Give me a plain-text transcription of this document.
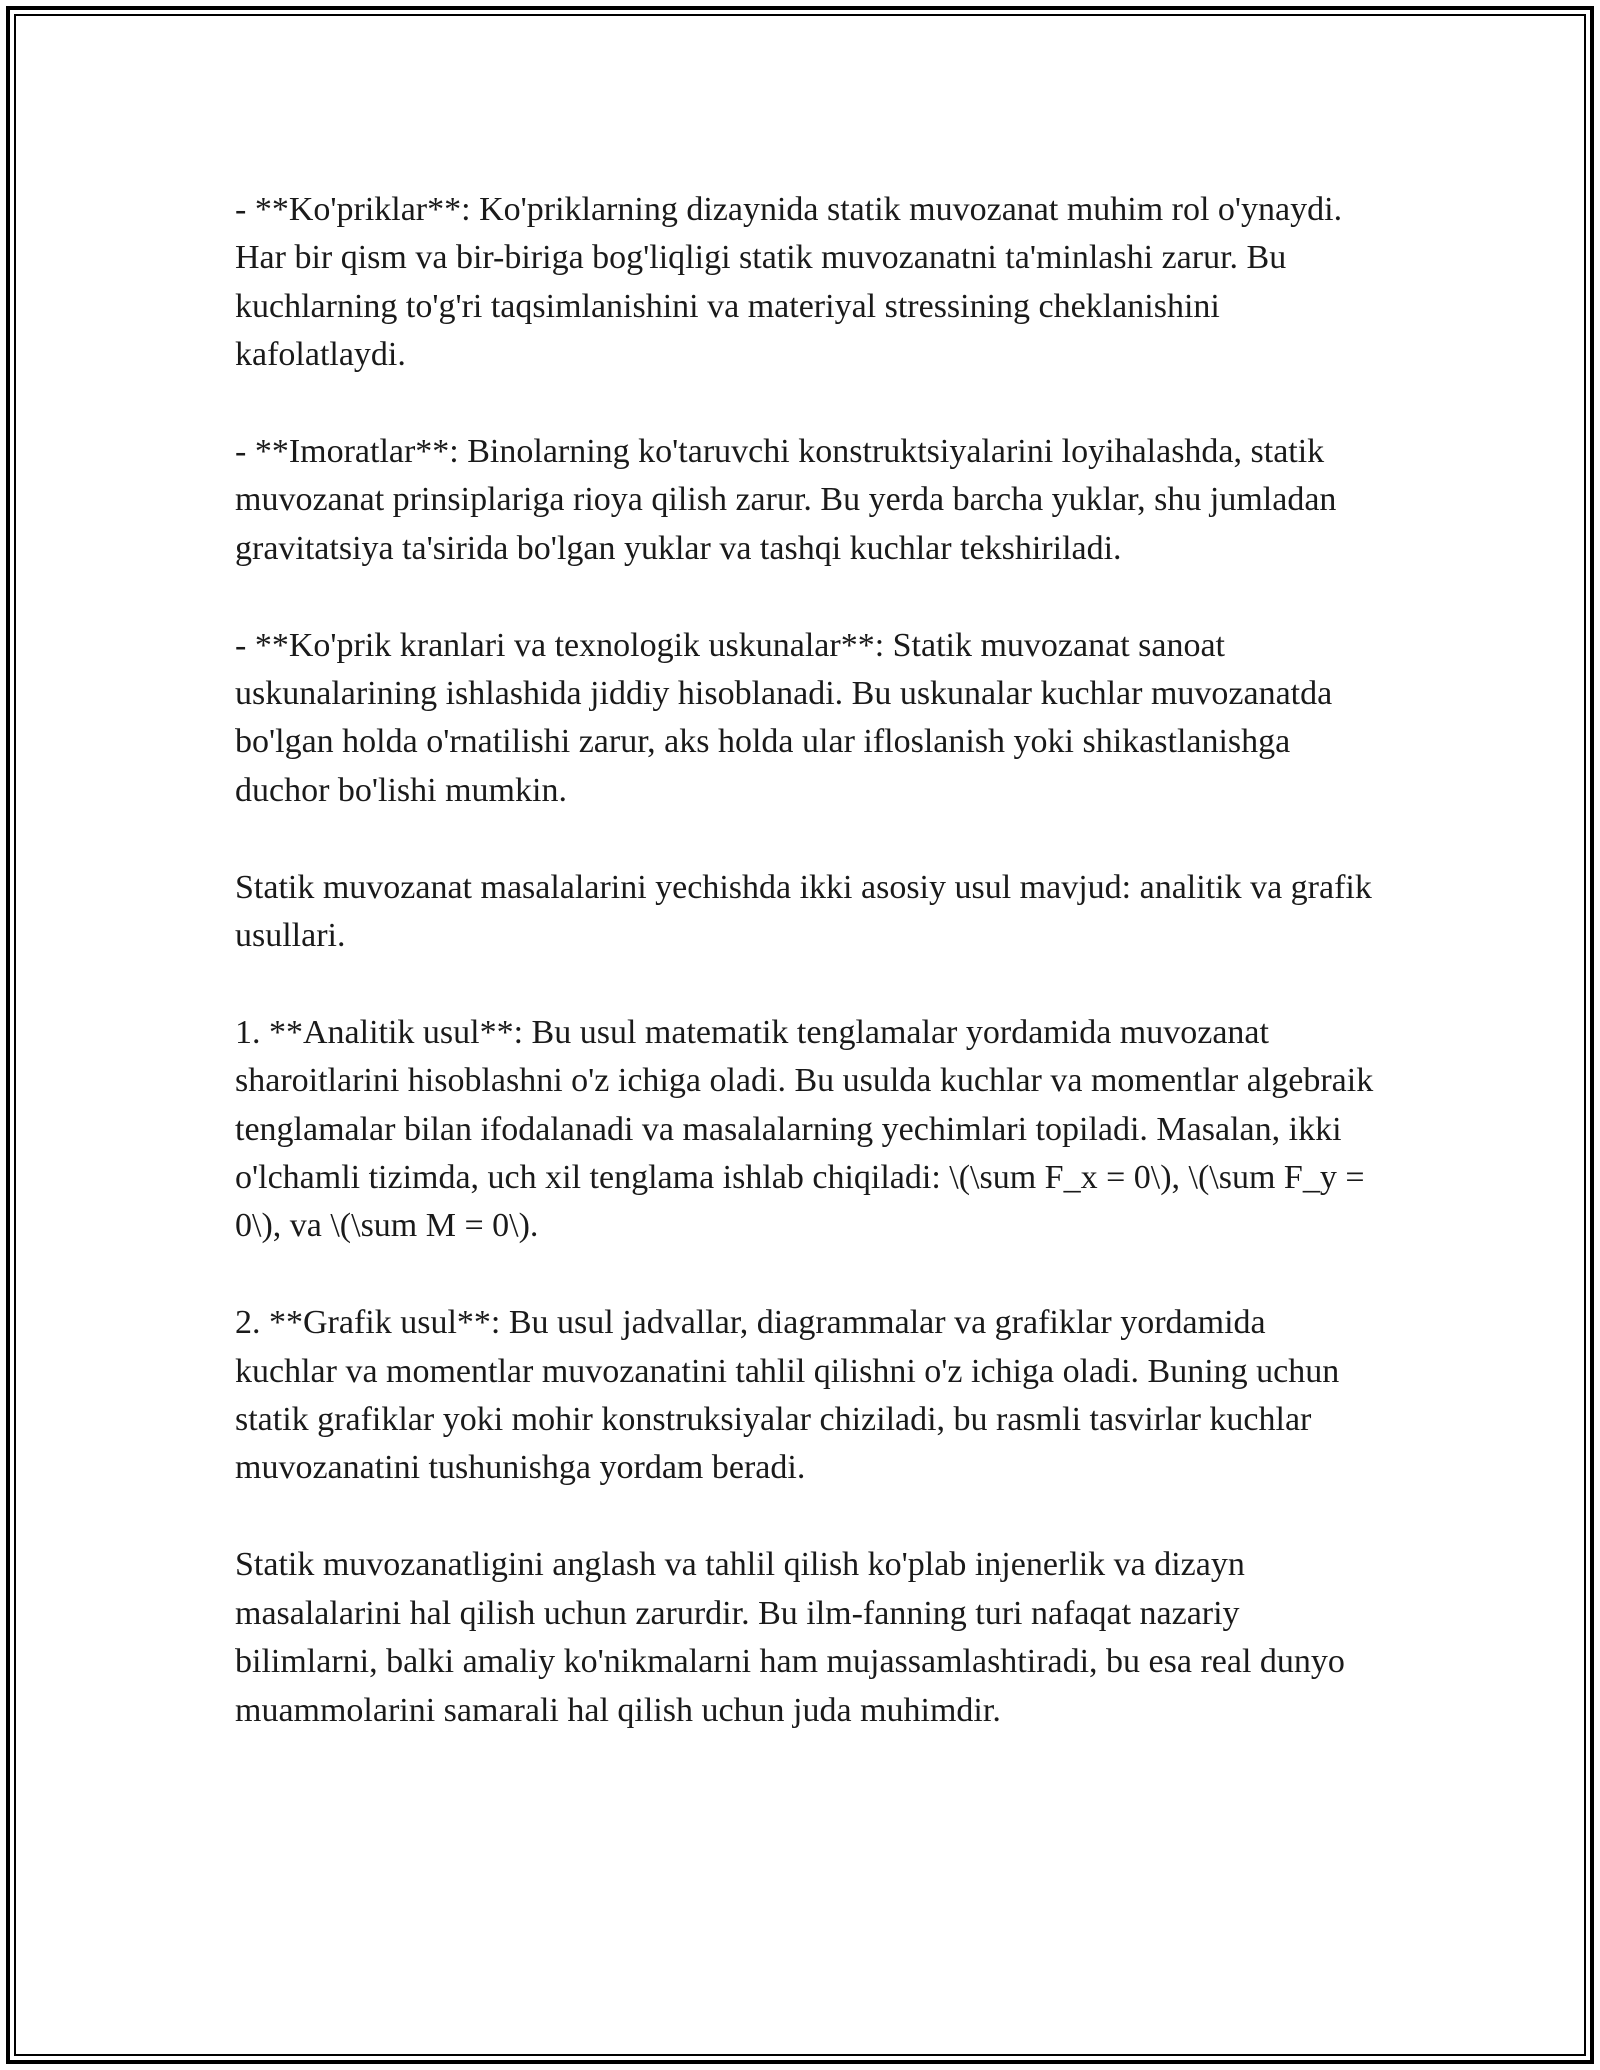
- **Ko'priklar**: Ko'priklarning dizaynida statik muvozanat muhim rol o'ynaydi. Har bir qism va bir-biriga bog'liqligi statik muvozanatni ta'minlashi zarur. Bu kuchlarning to'g'ri taqsimlanishini va materiyal stressining cheklanishini kafolatlaydi.

- **Imoratlar**: Binolarning ko'taruvchi konstruktsiyalarini loyihalashda, statik muvozanat prinsiplariga rioya qilish zarur. Bu yerda barcha yuklar, shu jumladan gravitatsiya ta'sirida bo'lgan yuklar va tashqi kuchlar tekshiriladi.

- **Ko'prik kranlari va texnologik uskunalar**: Statik muvozanat sanoat uskunalarining ishlashida jiddiy hisoblanadi. Bu uskunalar kuchlar muvozanatda bo'lgan holda o'rnatilishi zarur, aks holda ular ifloslanish yoki shikastlanishga duchor bo'lishi mumkin.

Statik muvozanat masalalarini yechishda ikki asosiy usul mavjud: analitik va grafik usullari.

1. **Analitik usul**: Bu usul matematik tenglamalar yordamida muvozanat sharoitlarini hisoblashni o'z ichiga oladi. Bu usulda kuchlar va momentlar algebraik tenglamalar bilan ifodalanadi va masalalarning yechimlari topiladi. Masalan, ikki o'lchamli tizimda, uch xil tenglama ishlab chiqiladi: \(\sum F_x = 0\), \(\sum F_y = 0\), va \(\sum M = 0\).

2. **Grafik usul**: Bu usul jadvallar, diagrammalar va grafiklar yordamida kuchlar va momentlar muvozanatini tahlil qilishni o'z ichiga oladi. Buning uchun statik grafiklar yoki mohir konstruksiyalar chiziladi, bu rasmli tasvirlar kuchlar muvozanatini tushunishga yordam beradi.

Statik muvozanatligini anglash va tahlil qilish ko'plab injenerlik va dizayn masalalarini hal qilish uchun zarurdir. Bu ilm-fanning turi nafaqat nazariy bilimlarni, balki amaliy ko'nikmalarni ham mujassamlashtiradi, bu esa real dunyo muammolarini samarali hal qilish uchun juda muhimdir.
